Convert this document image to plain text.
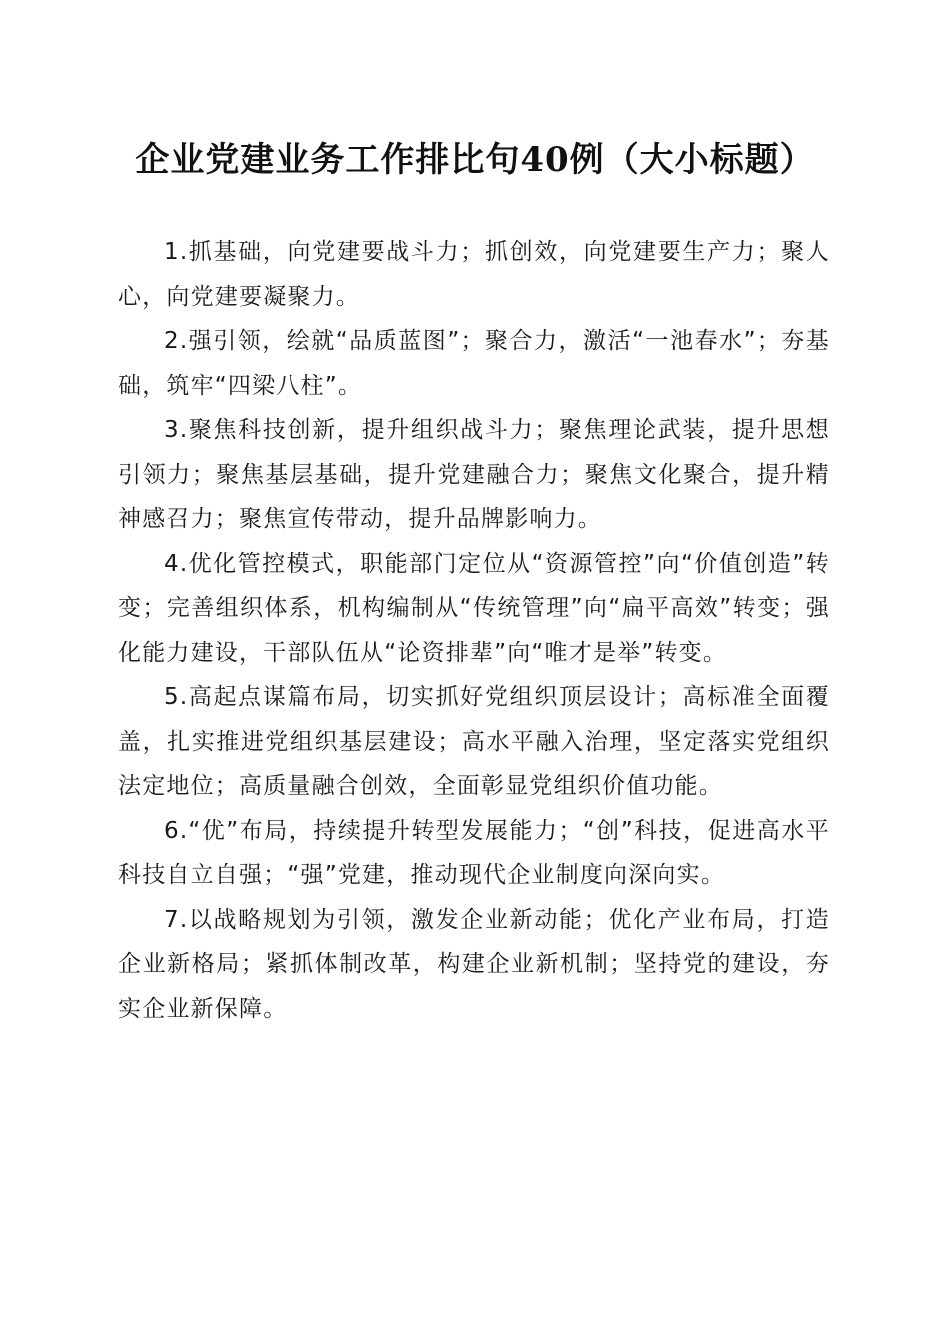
企业党建业务工作排比句40例（大小标题）

1.抓基础，向党建要战斗力；抓创效，向党建要生产力；聚人心，向党建要凝聚力。

2.强引领，绘就“品质蓝图”；聚合力，激活“一池春水”；夯基础，筑牢“四梁八柱”。

3.聚焦科技创新，提升组织战斗力；聚焦理论武装，提升思想引领力；聚焦基层基础，提升党建融合力；聚焦文化聚合，提升精神感召力；聚焦宣传带动，提升品牌影响力。

4.优化管控模式，职能部门定位从“资源管控”向“价值创造”转变；完善组织体系，机构编制从“传统管理”向“扁平高效”转变；强化能力建设，干部队伍从“论资排辈”向“唯才是举”转变。

5.高起点谋篇布局，切实抓好党组织顶层设计；高标准全面覆盖，扎实推进党组织基层建设；高水平融入治理，坚定落实党组织法定地位；高质量融合创效，全面彰显党组织价值功能。

6.“优”布局，持续提升转型发展能力；“创”科技，促进高水平科技自立自强；“强”党建，推动现代企业制度向深向实。

7.以战略规划为引领，激发企业新动能；优化产业布局，打造企业新格局；紧抓体制改革，构建企业新机制；坚持党的建设，夯实企业新保障。
